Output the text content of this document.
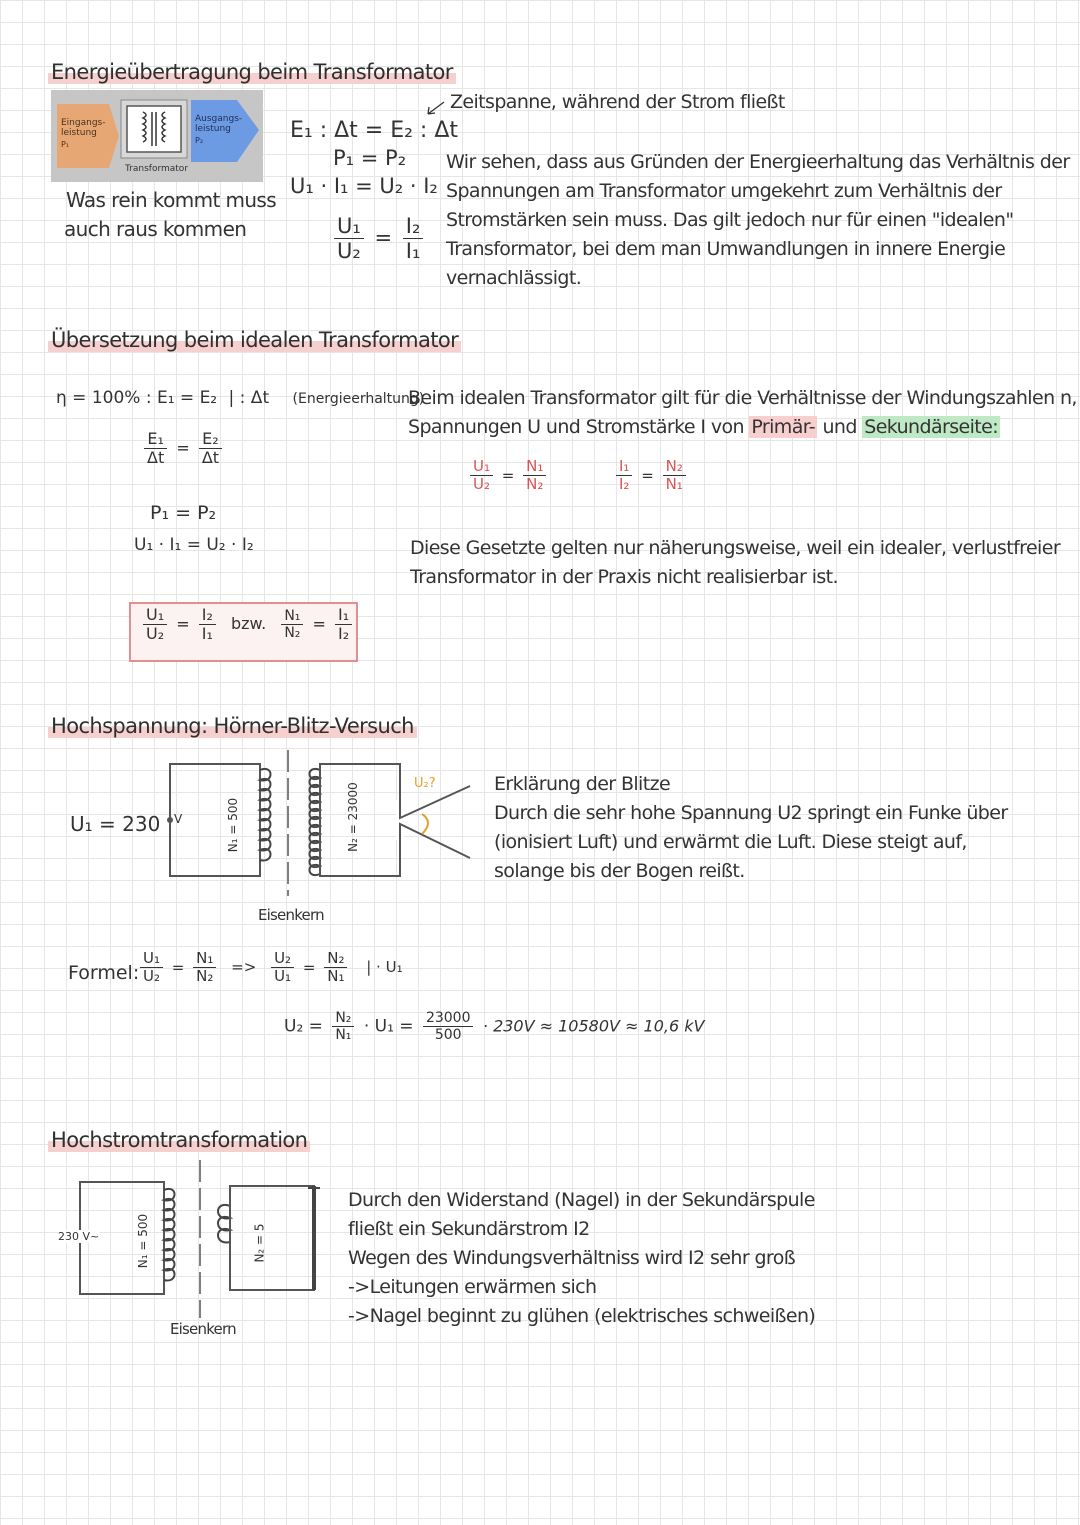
Energieübertragung beim Transformator
Eingangs-leistung
P₁
Ausgangs-leistung
P₂
Transformator
Was rein kommt muss
auch raus kommen
E₁ : Δt = E₂ : Δt
P₁ = P₂
U₁ · I₁ = U₂ · I₂
$\frac{\text{U₁}}{\text{U₂}} = \frac{\text{I₂}}{\text{I₁}}$
Zeitspanne, während der Strom fließt
Wir sehen, dass aus Gründen der Energieerhaltung das Verhältnis der
Spannungen am Transformator umgekehrt zum Verhältnis der
Stromstärken sein muss. Das gilt jedoch nur für einen "idealen"
Transformator, bei dem man Umwandlungen in innere Energie
vernachlässigt.
Übersetzung beim idealen Transformator
η = 100% : E₁ = E₂ | : Δt (Energieerhaltung)
$\frac{\text{E₁}}{\Delta t} = \frac{\text{E₂}}{\Delta t}$
P₁ = P₂
U₁ · I₁ = U₂ · I₂
$\frac{\text{U₁}}{\text{U₂}} = \frac{\text{I₂}}{\text{I₁}}$ bzw. $\frac{\text{N₁}}{\text{N₂}} = \frac{\text{I₁}}{\text{I₂}}$
Beim idealen Transformator gilt für die Verhältnisse der Windungszahlen n,
Spannungen U und Stromstärke I von Primär- und Sekundärseite:
$\frac{\text{U₁}}{\text{U₂}} = \frac{\text{N₁}}{\text{N₂}}$	$\frac{\text{I₁}}{\text{I₂}} = \frac{\text{N₂}}{\text{N₁}}$
Diese Gesetzte gelten nur näherungsweise, weil ein idealer, verlustfreier
Transformator in der Praxis nicht realisierbar ist.
Hochspannung: Hörner-Blitz-Versuch
U₁ = 230 V	N₁ = 500	N₂ = 23000	U₂?
Eisenkern
Erklärung der Blitze
Durch die sehr hohe Spannung U2 springt ein Funke über
(ionisiert Luft) und erwärmt die Luft. Diese steigt auf,
solange bis der Bogen reißt.
Formel: $\frac{\text{U₁}}{\text{U₂}} = \frac{\text{N₁}}{\text{N₂}} => \frac{\text{U₂}}{\text{U₁}} = \frac{\text{N₂}}{\text{N₁}}$ | · U₁
$U_2 = \frac{\text{N₂}}{\text{N₁}} \cdot U_1 = \frac{23000}{500} \cdot 230V \approx 10580V \approx 10,6$ kV
Hochstromtransformation
230 V~	N₁ = 500	N₂ = 5
Eisenkern
Durch den Widerstand (Nagel) in der Sekundärspule
fließt ein Sekundärstrom I2
Wegen des Windungsverhältniss wird I2 sehr groß
->Leitungen erwärmen sich
->Nagel beginnt zu glühen (elektrisches schweißen)
